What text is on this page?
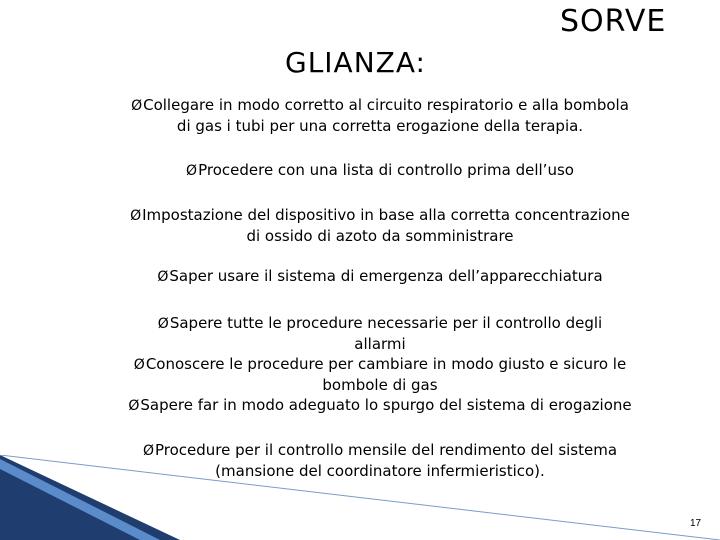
SORVE
GLIANZA:
ØCollegare in modo corretto al circuito respiratorio e alla bombola
di gas i tubi per una corretta erogazione della terapia.
ØProcedere con una lista di controllo prima dell’uso
ØImpostazione del dispositivo in base alla corretta concentrazione
di ossido di azoto da somministrare
ØSaper usare il sistema di emergenza dell’apparecchiatura
ØSapere tutte le procedure necessarie per il controllo degli
allarmi
ØConoscere le procedure per cambiare in modo giusto e sicuro le
bombole di gas
ØSapere far in modo adeguato lo spurgo del sistema di erogazione
ØProcedure per il controllo mensile del rendimento del sistema
(mansione del coordinatore infermieristico).
17
